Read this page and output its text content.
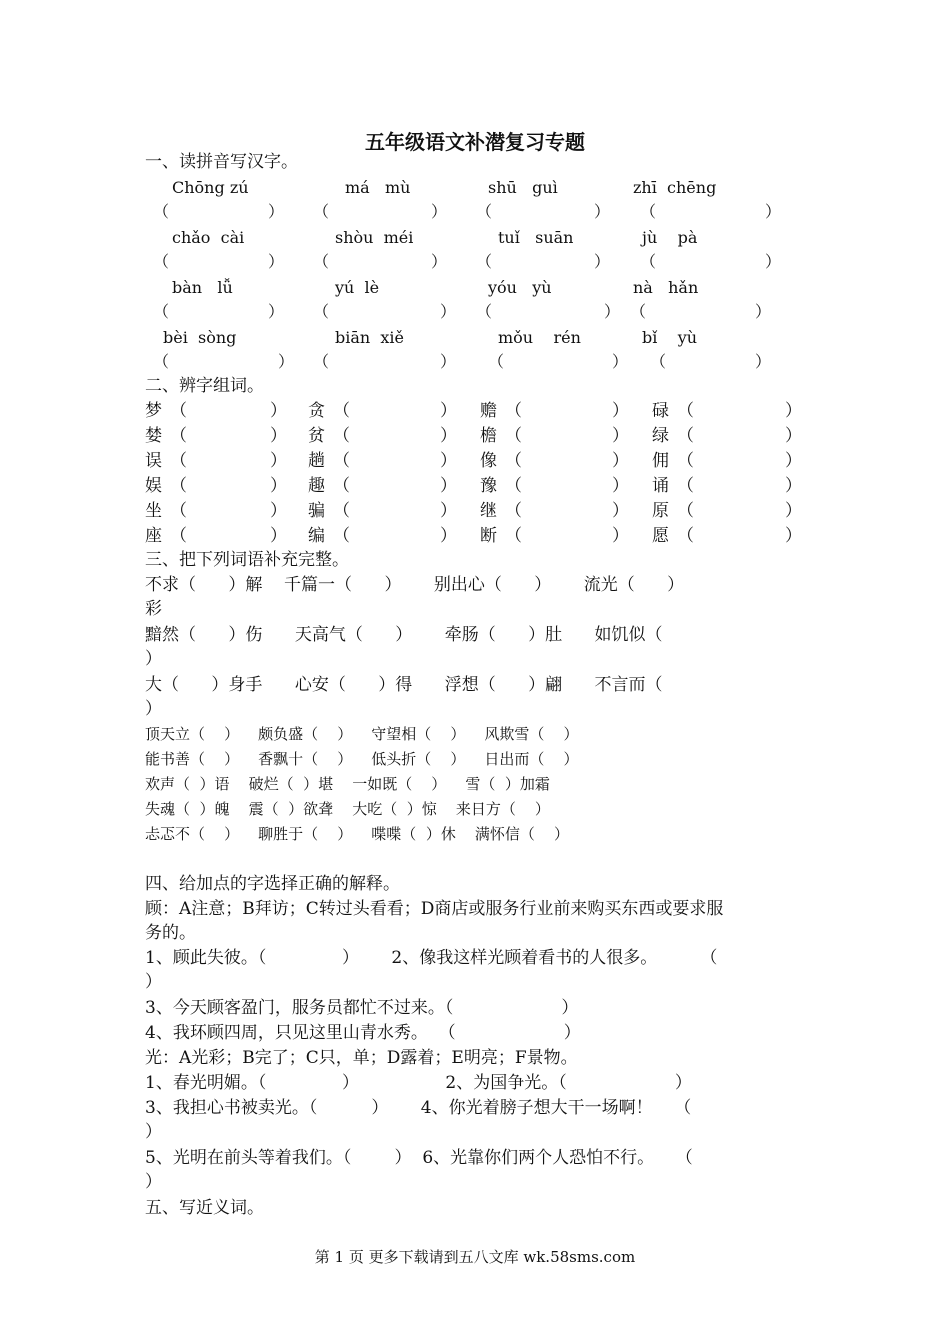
五年级语文补潜复习专题
一、读拼音写汉字。
Chōng zú	má   mù	shū   guì	zhī  chēng
（	） （	） （	） （	）
chǎo  cài	shòu  méi	tuǐ   suān	jù    pà
（	） （	） （	） （	）
bàn   lǚ	yú  lè	yóu   yù	nà   hǎn
（	） （	） （	） （	）
bèi  sòng	biān  xiě	mǒu    rén	bǐ    yù
（	） （	） （	） （	）
二、辨字组词。
梦 （	） 贪 （	） 赡 （	） 碌 （	）
婪 （	） 贫 （	） 檐 （	） 绿 （	）
误 （	） 趟 （	） 像 （	） 佣 （	）
娱 （	） 趣 （	） 豫 （	） 诵 （	）
坐 （	） 骗 （	） 继 （	） 原 （	）
座 （	） 编 （	） 断 （	） 愿 （	）
三、把下列词语补充完整。
不求（      ）解    千篇一（      ）      别出心（      ）      流光（      ）
彩
黯然（      ）伤      天高气（      ）      牵肠（      ）肚      如饥似（
）
大（      ）身手      心安（      ）得      浮想（      ）翩      不言而（
）
顶天立（    ）    颇负盛（    ）    守望相（    ）    风欺雪（    ）
能书善（    ）    香飘十（    ）    低头折（    ）    日出而（    ）
欢声（  ）语    破烂（  ）堪    一如既（    ）    雪（  ）加霜
失魂（  ）魄    震（  ）欲聋    大吃（  ）惊    来日方（    ）
忐忑不（    ）    聊胜于（    ）    喋喋（  ）休    满怀信（    ）
四、给加点的字选择正确的解释。
顾：A注意；B拜访；C转过头看看；D商店或服务行业前来购买东西或要求服
务的。
1、顾此失彼。（              ）      2、像我这样光顾着看书的人很多。        （
）
3、今天顾客盈门，服务员都忙不过来。（                    ）
4、我环顾四周，只见这里山青水秀。  （                    ）
光：A光彩；B完了；C只，单；D露着；E明亮；F景物。
1、春光明媚。（              ）                2、为国争光。（                    ）
3、我担心书被卖光。（          ）      4、你光着膀子想大干一场啊！    （
）
5、光明在前头等着我们。（        ）  6、光靠你们两个人恐怕不行。    （
）
五、写近义词。
第 1 页 更多下载请到五八文库 wk.58sms.com
